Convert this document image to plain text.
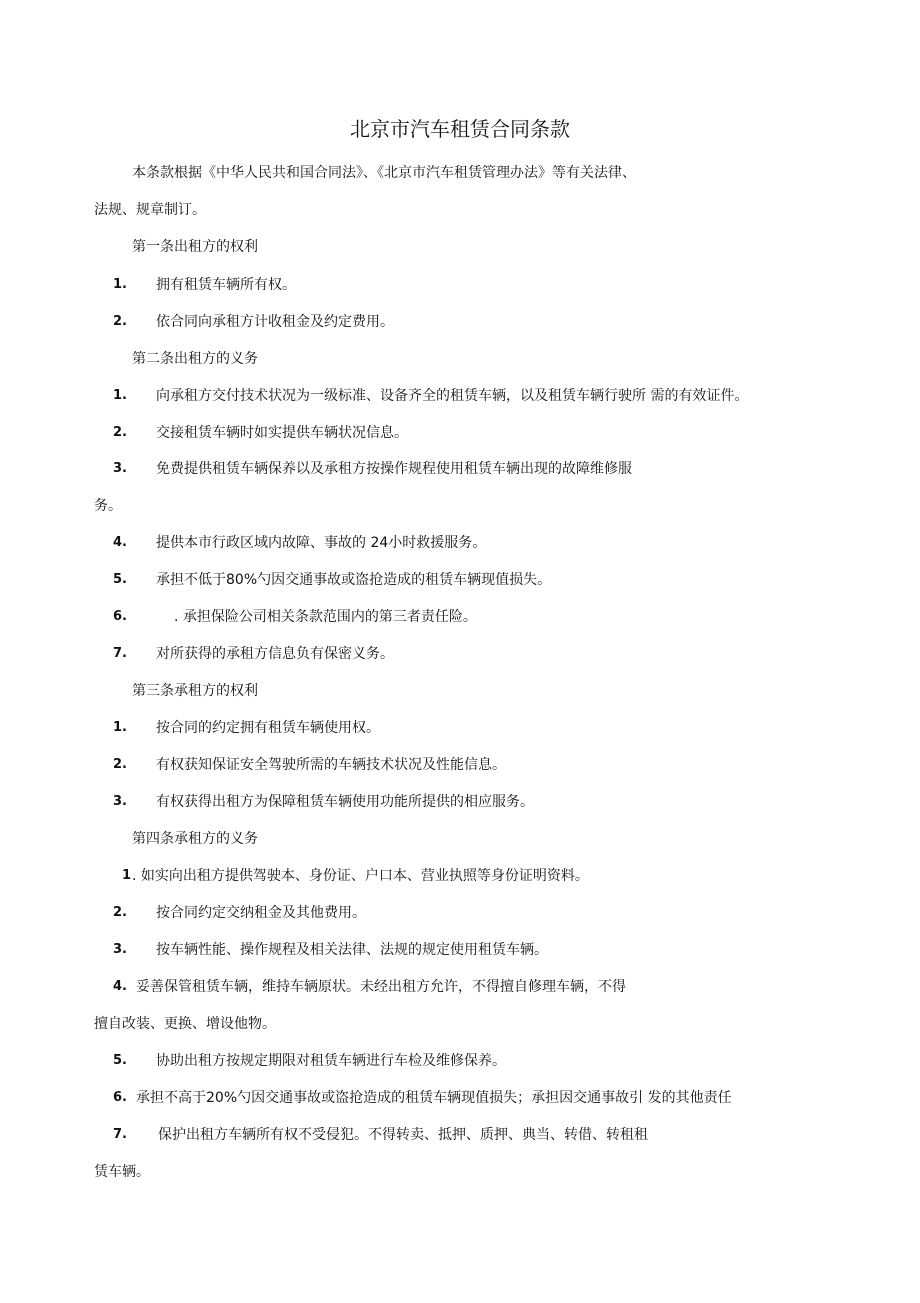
北京市汽车租赁合同条款
本条款根据《中华人民共和国合同法》、《北京市汽车租赁管理办法》等有关法律、
法规、规章制订。
第一条出租方的权利
1. 拥有租赁车辆所有权。
2. 依合同向承租方计收租金及约定费用。
第二条出租方的义务
1. 向承租方交付技术状况为一级标准、设备齐全的租赁车辆，以及租赁车辆行驶所 需的有效证件。
2. 交接租赁车辆时如实提供车辆状况信息。
3. 免费提供租赁车辆保养以及承租方按操作规程使用租赁车辆出现的故障维修服
务。
4. 提供本市行政区域内故障、事故的 24小时救援服务。
5. 承担不低于80%勺因交通事故或盗抢造成的租赁车辆现值损失。
6.	. 承担保险公司相关条款范围内的第三者责任险。
7. 对所获得的承租方信息负有保密义务。
第三条承租方的权利
1. 按合同的约定拥有租赁车辆使用权。
2. 有权获知保证安全驾驶所需的车辆技术状况及性能信息。
3. 有权获得出租方为保障租赁车辆使用功能所提供的相应服务。
第四条承租方的义务
1 . 如实向出租方提供驾驶本、身份证、户口本、营业执照等身份证明资料。
2. 按合同约定交纳租金及其他费用。
3. 按车辆性能、操作规程及相关法律、法规的规定使用租赁车辆。
4. 妥善保管租赁车辆，维持车辆原状。未经出租方允许，不得擅自修理车辆，不得
擅自改装、更换、增设他物。
5. 协助出租方按规定期限对租赁车辆进行车检及维修保养。
6. 承担不高于20%勺因交通事故或盗抢造成的租赁车辆现值损失；承担因交通事故引 发的其他责任
7. 保护出租方车辆所有权不受侵犯。不得转卖、抵押、质押、典当、转借、转租租
赁车辆。
